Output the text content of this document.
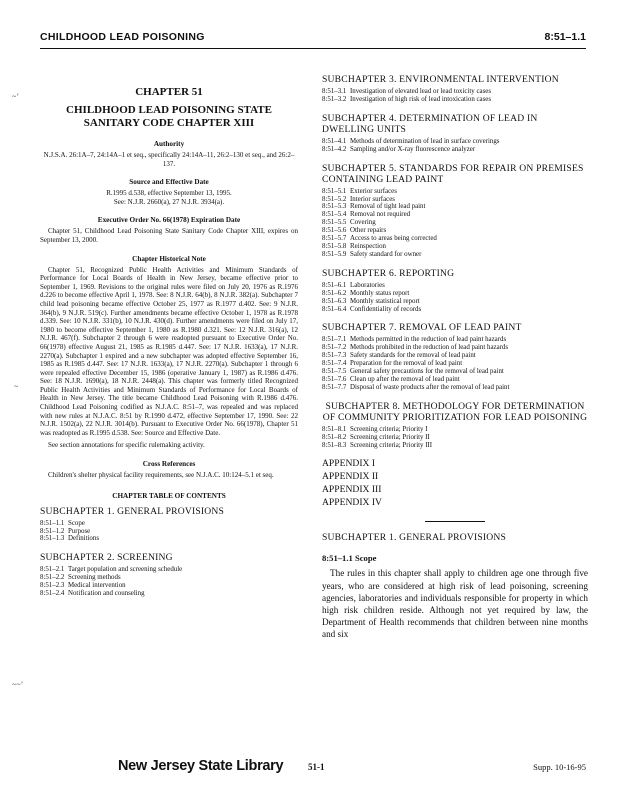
CHILDHOOD LEAD POISONING	8:51–1.1
CHAPTER 51
CHILDHOOD LEAD POISONING STATE SANITARY CODE CHAPTER XIII
Authority
N.J.S.A. 26:1A–7, 24:14A–1 et seq., specifically 24:14A–11, 26:2–130 et seq., and 26:2–137.
Source and Effective Date
R.1995 d.538, effective September 13, 1995.
See: N.J.R. 2660(a), 27 N.J.R. 3934(a).
Executive Order No. 66(1978) Expiration Date
Chapter 51, Childhood Lead Poisoning State Sanitary Code Chapter XIII, expires on September 13, 2000.
Chapter Historical Note
Chapter 51, Recognized Public Health Activities and Minimum Standards of Performance for Local Boards of Health in New Jersey, became effective prior to September 1, 1969. Revisions to the original rules were filed on July 20, 1976 as R.1976 d.226 to become effective April 1, 1978. See: 8 N.J.R. 64(b), 8 N.J.R. 382(a). Subchapter 7 child lead poisoning became effective October 25, 1977 as R.1977 d.402. See: 9 N.J.R. 364(b), 9 N.J.R. 519(c). Further amendments became effective October 1, 1978 as R.1978 d.339. See: 10 N.J.R. 331(b), 10 N.J.R. 430(d). Further amendments were filed on July 17, 1980 to become effective September 1, 1980 as R.1980 d.321. See: 12 N.J.R. 316(a), 12 N.J.R. 467(f). Subchapter 2 through 6 were readopted pursuant to Executive Order No. 66(1978) effective August 21, 1985 as R.1985 d.447. See: 17 N.J.R. 1633(a), 17 N.J.R. 2270(a). Subchapter 1 expired and a new subchapter was adopted effective September 16, 1985 as R.1985 d.447. See: 17 N.J.R. 1633(a), 17 N.J.R. 2270(a). Subchapter 1 through 6 were repealed effective December 15, 1986 (operative January 1, 1987) as R.1986 d.476. See: 18 N.J.R. 1690(a), 18 N.J.R. 2448(a). This chapter was formerly titled Recognized Public Health Activities and Minimum Standards of Performance for Local Boards of Health in New Jersey. The title became Childhood Lead Poisoning with R.1986 d.476. Childhood Lead Poisoning codified as N.J.A.C. 8:51–7, was repealed and was replaced with new rules at N.J.A.C. 8:51 by R.1990 d.472, effective September 17, 1990. See: 22 N.J.R. 1502(a), 22 N.J.R. 3014(b). Pursuant to Executive Order No. 66(1978), Chapter 51 was readopted as R.1995 d.538. See: Source and Effective Date.
See section annotations for specific rulemaking activity.
Cross References
Children's shelter physical facility requirements, see N.J.A.C. 10:124–5.1 et seq.
CHAPTER TABLE OF CONTENTS
SUBCHAPTER 1. GENERAL PROVISIONS
8:51–1.1 Scope
8:51–1.2 Purpose
8:51–1.3 Definitions
SUBCHAPTER 2. SCREENING
8:51–2.1 Target population and screening schedule
8:51–2.2 Screening methods
8:51–2.3 Medical intervention
8:51–2.4 Notification and counseling
SUBCHAPTER 3. ENVIRONMENTAL INTERVENTION
8:51–3.1 Investigation of elevated lead or lead toxicity cases
8:51–3.2 Investigation of high risk of lead intoxication cases
SUBCHAPTER 4. DETERMINATION OF LEAD IN DWELLING UNITS
8:51–4.1 Methods of determination of lead in surface coverings
8:51–4.2 Sampling and/or X-ray fluorescence analyzer
SUBCHAPTER 5. STANDARDS FOR REPAIR ON PREMISES CONTAINING LEAD PAINT
8:51–5.1 Exterior surfaces
8:51–5.2 Interior surfaces
8:51–5.3 Removal of tight lead paint
8:51–5.4 Removal not required
8:51–5.5 Covering
8:51–5.6 Other repairs
8:51–5.7 Access to areas being corrected
8:51–5.8 Reinspection
8:51–5.9 Safety standard for owner
SUBCHAPTER 6. REPORTING
8:51–6.1 Laboratories
8:51–6.2 Monthly status report
8:51–6.3 Monthly statistical report
8:51–6.4 Confidentiality of records
SUBCHAPTER 7. REMOVAL OF LEAD PAINT
8:51–7.1 Methods permitted in the reduction of lead paint hazards
8:51–7.2 Methods prohibited in the reduction of lead paint hazards
8:51–7.3 Safety standards for the removal of lead paint
8:51–7.4 Preparation for the removal of lead paint
8:51–7.5 General safety precautions for the removal of lead paint
8:51–7.6 Clean up after the removal of lead paint
8:51–7.7 Disposal of waste products after the removal of lead paint
SUBCHAPTER 8. METHODOLOGY FOR DETERMINATION OF COMMUNITY PRIORITIZATION FOR LEAD POISONING
8:51–8.1 Screening criteria; Priority I
8:51–8.2 Screening criteria; Priority II
8:51–8.3 Screening criteria; Priority III
APPENDIX I
APPENDIX II
APPENDIX III
APPENDIX IV
SUBCHAPTER 1. GENERAL PROVISIONS
8:51–1.1 Scope
The rules in this chapter shall apply to children age one through five years, who are considered at high risk of lead poisoning, screening agencies, laboratories and individuals responsible for property in which high risk children reside. Although not yet required by law, the Department of Health recommends that children between nine months and six
~’
~
~~’
New Jersey State Library	51-1	Supp. 10-16-95
